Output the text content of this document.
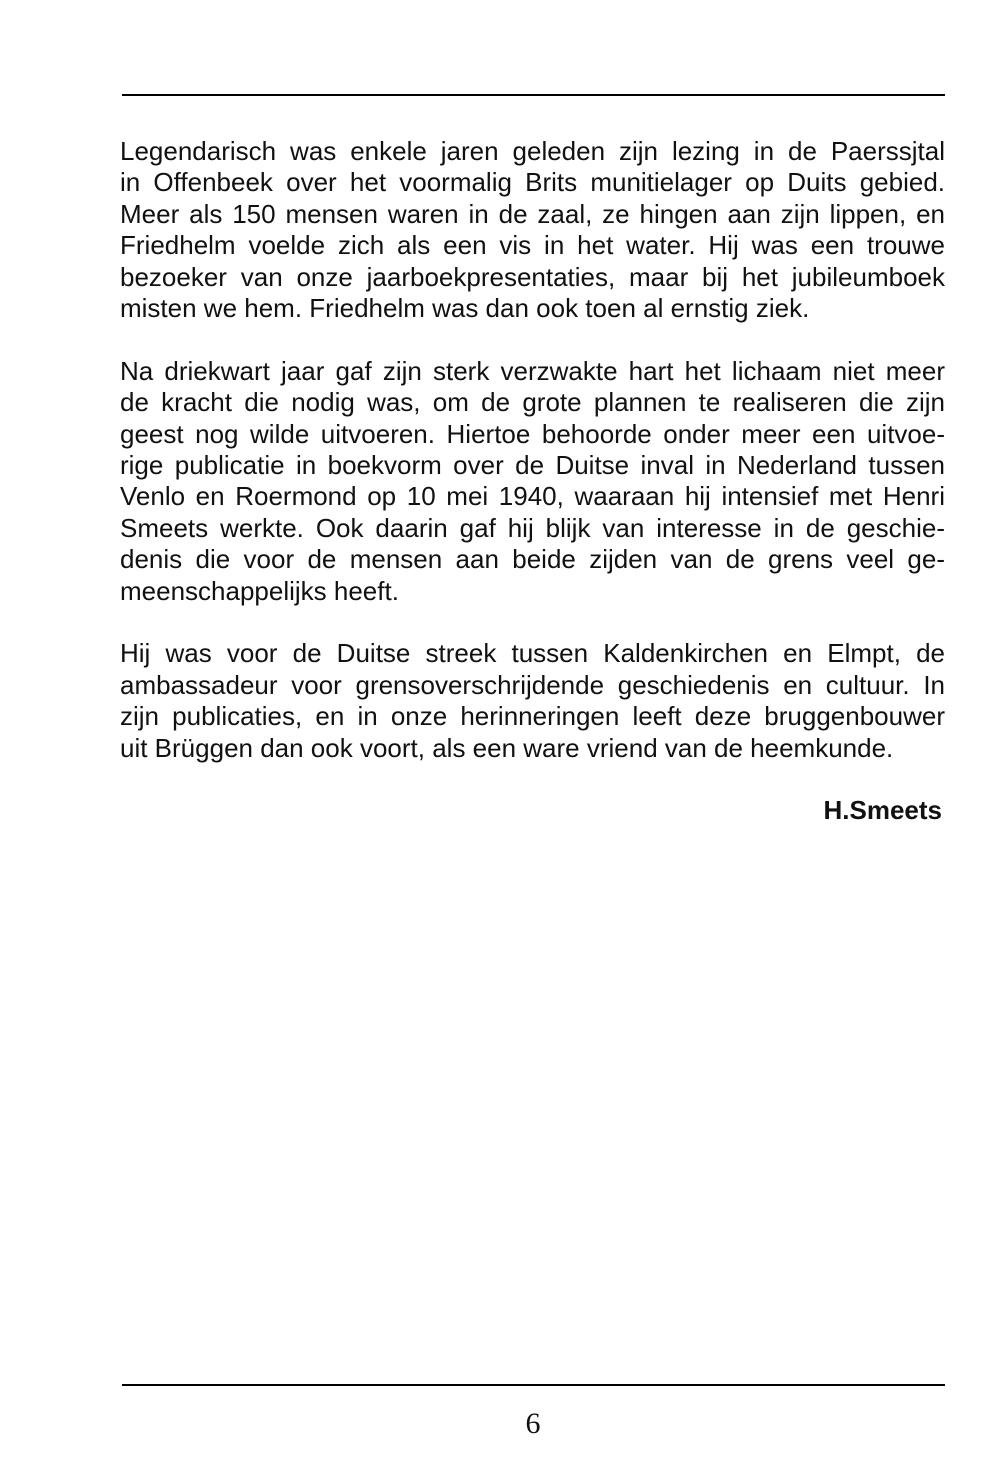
Legendarisch was enkele jaren geleden zijn lezing in de Paerssjtal
in Offenbeek over het voormalig Brits munitielager op Duits gebied.
Meer als 150 mensen waren in de zaal, ze hingen aan zijn lippen, en
Friedhelm voelde zich als een vis in het water. Hij was een trouwe
bezoeker van onze jaarboekpresentaties, maar bij het jubileumboek
misten we hem. Friedhelm was dan ook toen al ernstig ziek.
Na driekwart jaar gaf zijn sterk verzwakte hart het lichaam niet meer
de kracht die nodig was, om de grote plannen te realiseren die zijn
geest nog wilde uitvoeren. Hiertoe behoorde onder meer een uitvoe-
rige publicatie in boekvorm over de Duitse inval in Nederland tussen
Venlo en Roermond op 10 mei 1940, waaraan hij intensief met Henri
Smeets werkte. Ook daarin gaf hij blijk van interesse in de geschie-
denis die voor de mensen aan beide zijden van de grens veel ge-
meenschappelijks heeft.
Hij was voor de Duitse streek tussen Kaldenkirchen en Elmpt, de
ambassadeur voor grensoverschrijdende geschiedenis en cultuur. In
zijn publicaties, en in onze herinneringen leeft deze bruggenbouwer
uit Brüggen dan ook voort, als een ware vriend van de heemkunde.
H.Smeets
6
